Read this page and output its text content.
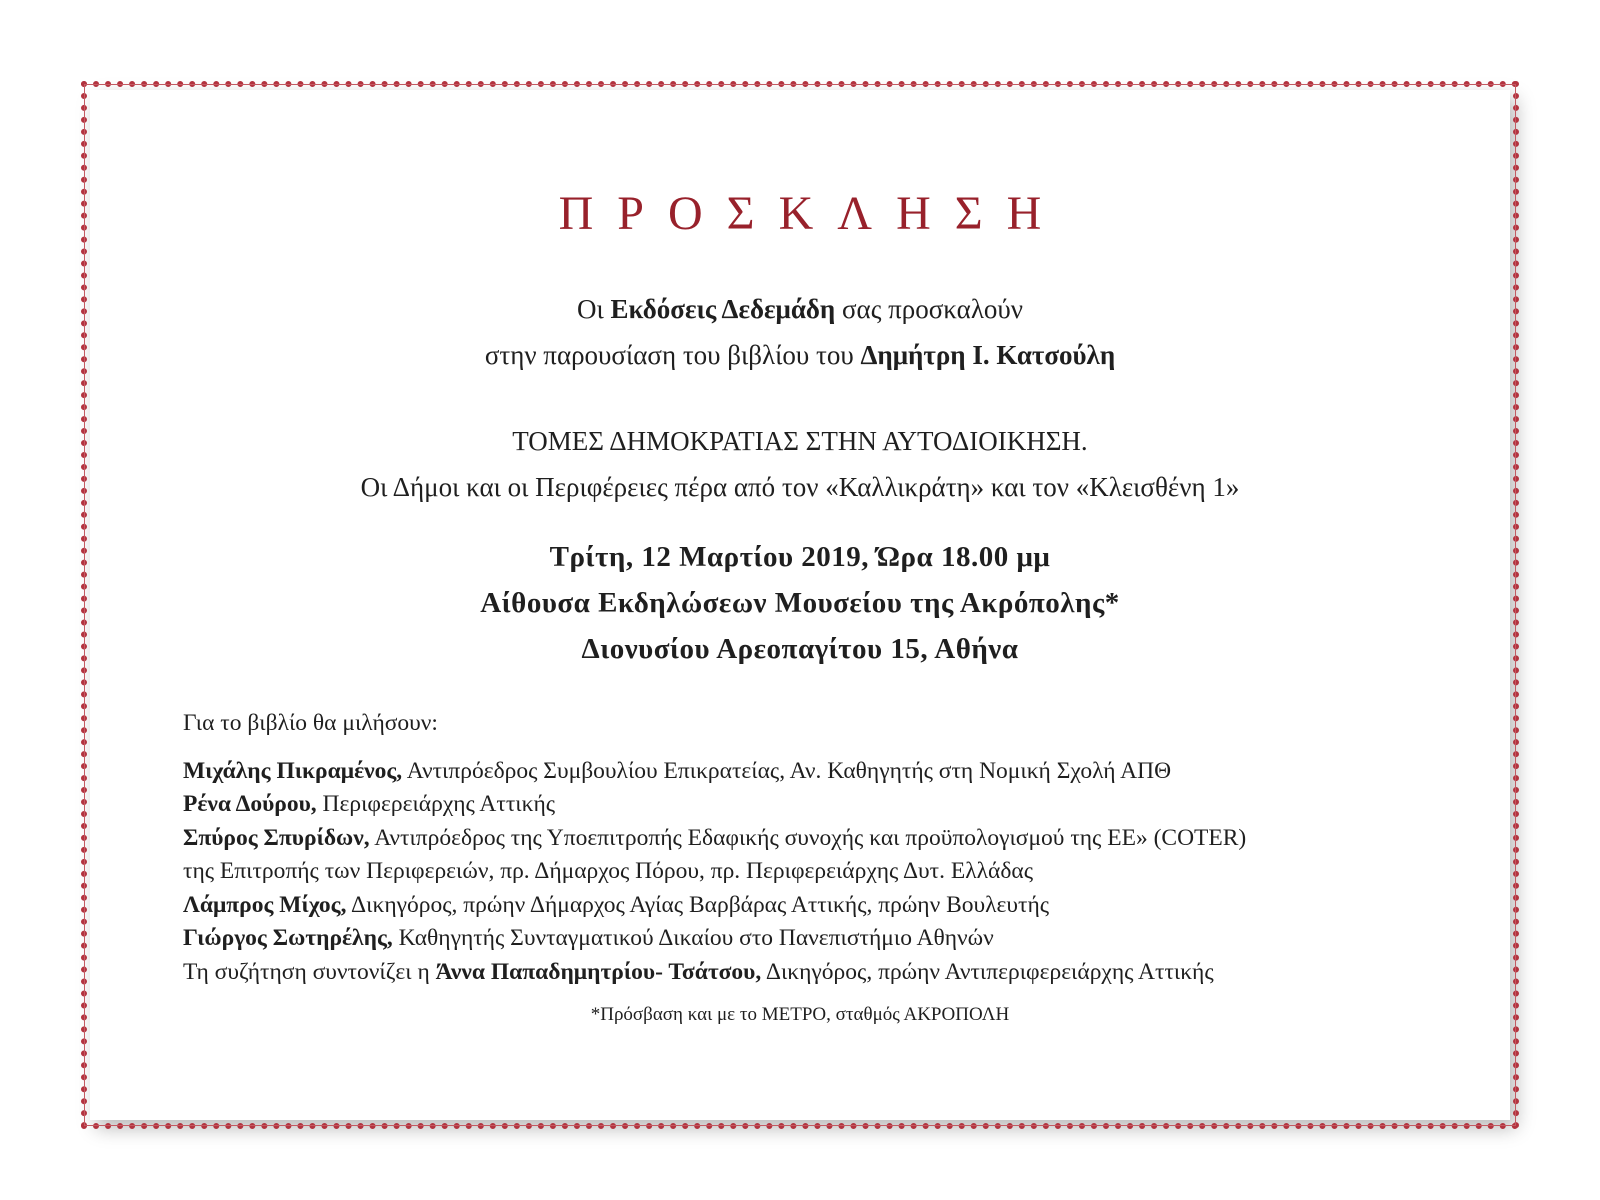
ΠΡΟΣΚΛΗΣΗ
Οι Εκδόσεις Δεδεμάδη σας προσκαλούν
στην παρουσίαση του βιβλίου του Δημήτρη Ι. Κατσούλη
ΤΟΜΕΣ ΔΗΜΟΚΡΑΤΙΑΣ ΣΤΗΝ ΑΥΤΟΔΙΟΙΚΗΣΗ.
Οι Δήμοι και οι Περιφέρειες πέρα από τον «Καλλικράτη» και τον «Κλεισθένη 1»
Τρίτη, 12 Μαρτίου 2019, Ώρα 18.00 μμ
Αίθουσα Εκδηλώσεων Μουσείου της Ακρόπολης*
Διονυσίου Αρεοπαγίτου 15, Αθήνα
Για το βιβλίο θα μιλήσουν:
Μιχάλης Πικραμένος, Αντιπρόεδρος Συμβουλίου Επικρατείας, Αν. Καθηγητής στη Νομική Σχολή ΑΠΘ
Ρένα Δούρου, Περιφερειάρχης Αττικής
Σπύρος Σπυρίδων, Αντιπρόεδρος της Υποεπιτροπής Εδαφικής συνοχής και προϋπολογισμού της ΕΕ» (COTER)
της Επιτροπής των Περιφερειών, πρ. Δήμαρχος Πόρου, πρ. Περιφερειάρχης Δυτ. Ελλάδας
Λάμπρος Μίχος, Δικηγόρος, πρώην Δήμαρχος Αγίας Βαρβάρας Αττικής, πρώην Βουλευτής
Γιώργος Σωτηρέλης, Καθηγητής Συνταγματικού Δικαίου στο Πανεπιστήμιο Αθηνών
Τη συζήτηση συντονίζει η Άννα Παπαδημητρίου- Τσάτσου, Δικηγόρος, πρώην Αντιπεριφερειάρχης Αττικής
*Πρόσβαση και με το ΜΕΤΡΟ, σταθμός ΑΚΡΟΠΟΛΗ
